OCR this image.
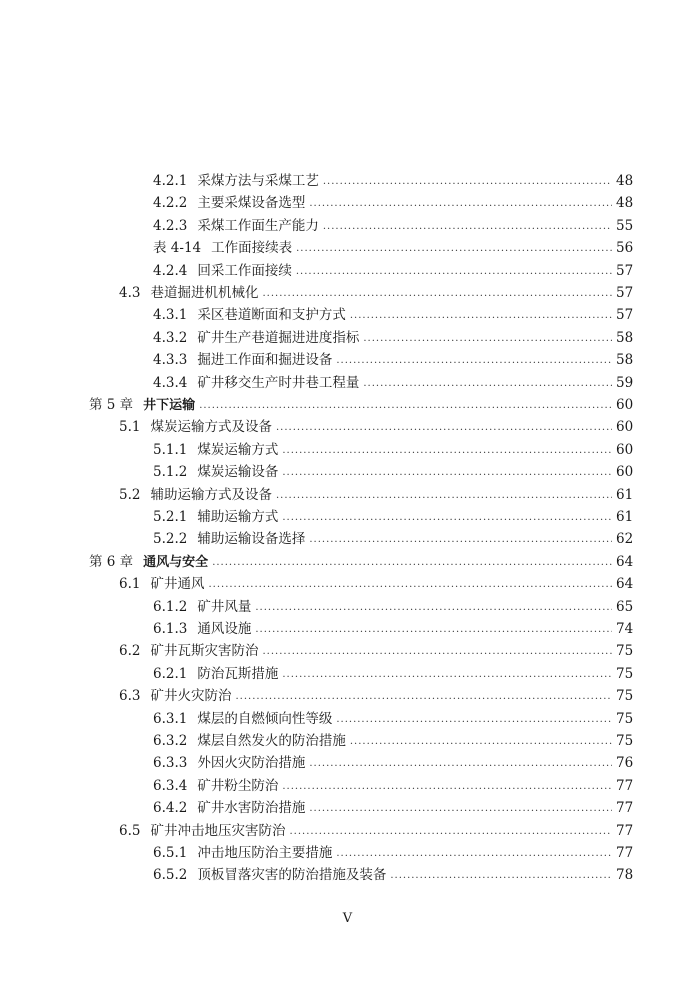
4.2.1 采煤方法与采煤工艺 .....	48
4.2.2 主要采煤设备选型 .....	48
4.2.3 采煤工作面生产能力 .....	55
表 4-14 工作面接续表 .....	56
4.2.4 回采工作面接续 .....	57
4.3 巷道掘进机机械化 .....	57
4.3.1 采区巷道断面和支护方式 .....	57
4.3.2 矿井生产巷道掘进进度指标 .....	58
4.3.3 掘进工作面和掘进设备 .....	58
4.3.4 矿井移交生产时井巷工程量 .....	59
第 5 章 井下运输 .....	60
5.1 煤炭运输方式及设备 .....	60
5.1.1 煤炭运输方式 .....	60
5.1.2 煤炭运输设备 .....	60
5.2 辅助运输方式及设备 .....	61
5.2.1 辅助运输方式 .....	61
5.2.2 辅助运输设备选择 .....	62
第 6 章 通风与安全 .....	64
6.1 矿井通风 .....	64
6.1.2 矿井风量 .....	65
6.1.3 通风设施 .....	74
6.2 矿井瓦斯灾害防治 .....	75
6.2.1 防治瓦斯措施 .....	75
6.3 矿井火灾防治 .....	75
6.3.1 煤层的自燃倾向性等级 .....	75
6.3.2 煤层自然发火的防治措施 .....	75
6.3.3 外因火灾防治措施 .....	76
6.3.4 矿井粉尘防治 .....	77
6.4.2 矿井水害防治措施 .....	77
6.5 矿井冲击地压灾害防治 .....	77
6.5.1 冲击地压防治主要措施 .....	77
6.5.2 顶板冒落灾害的防治措施及装备 .....	78
V
